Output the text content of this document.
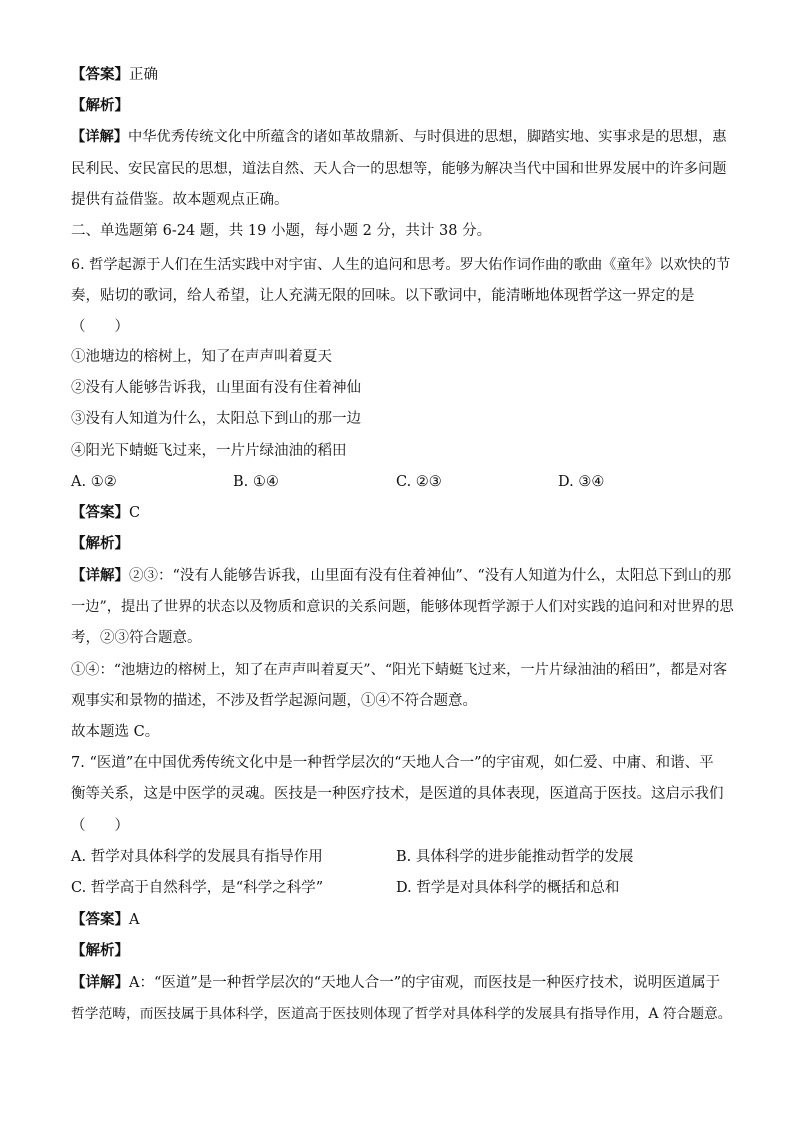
【答案】正确
【解析】
【详解】中华优秀传统文化中所蕴含的诸如革故鼎新、与时俱进的思想，脚踏实地、实事求是的思想，惠
民利民、安民富民的思想，道法自然、天人合一的思想等，能够为解决当代中国和世界发展中的许多问题
提供有益借鉴。故本题观点正确。
二、单选题第 6-24 题，共 19 小题，每小题 2 分，共计 38 分。
6. 哲学起源于人们在生活实践中对宇宙、人生的追问和思考。罗大佑作词作曲的歌曲《童年》以欢快的节
奏，贴切的歌词，给人希望，让人充满无限的回味。以下歌词中，能清晰地体现哲学这一界定的是
（　　）
①池塘边的榕树上，知了在声声叫着夏天
②没有人能够告诉我，山里面有没有住着神仙
③没有人知道为什么，太阳总下到山的那一边
④阳光下蜻蜓飞过来，一片片绿油油的稻田
A. ①②	B. ①④	C. ②③	D. ③④
【答案】C
【解析】
【详解】②③：“没有人能够告诉我，山里面有没有住着神仙”、“没有人知道为什么，太阳总下到山的那
一边”，提出了世界的状态以及物质和意识的关系问题，能够体现哲学源于人们对实践的追问和对世界的思
考，②③符合题意。
①④：“池塘边的榕树上，知了在声声叫着夏天”、“阳光下蜻蜓飞过来，一片片绿油油的稻田”，都是对客
观事实和景物的描述，不涉及哲学起源问题，①④不符合题意。
故本题选 C。
7. “医道”在中国优秀传统文化中是一种哲学层次的“天地人合一”的宇宙观，如仁爱、中庸、和谐、平
衡等关系，这是中医学的灵魂。医技是一种医疗技术，是医道的具体表现，医道高于医技。这启示我们
（　　）
A. 哲学对具体科学的发展具有指导作用	B. 具体科学的进步能推动哲学的发展
C. 哲学高于自然科学，是“科学之科学”	D. 哲学是对具体科学的概括和总和
【答案】A
【解析】
【详解】A：“医道”是一种哲学层次的“天地人合一”的宇宙观，而医技是一种医疗技术，说明医道属于
哲学范畴，而医技属于具体科学，医道高于医技则体现了哲学对具体科学的发展具有指导作用，A 符合题意。
